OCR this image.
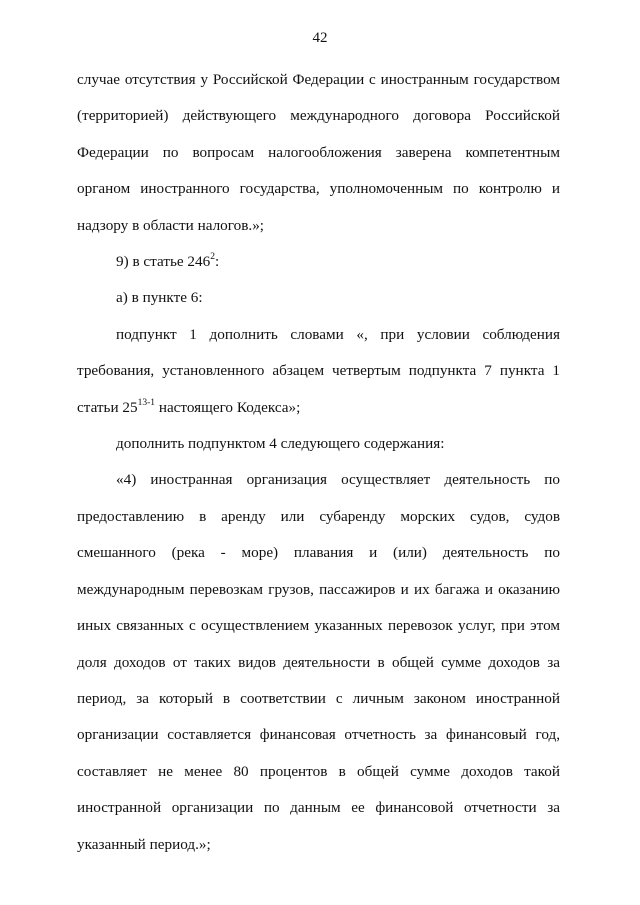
42

случае отсутствия у Российской Федерации с иностранным государством (территорией) действующего международного договора Российской Федерации по вопросам налогообложения заверена компетентным органом иностранного государства, уполномоченным по контролю и надзору в области налогов.»;

9) в статье $246^2$:

а) в пункте 6:

подпункт 1 дополнить словами «, при условии соблюдения требования, установленного абзацем четвертым подпункта 7 пункта 1 статьи 25$^{13-1}$ настоящего Кодекса»;

дополнить подпунктом 4 следующего содержания:

«4) иностранная организация осуществляет деятельность по предоставлению в аренду или субаренду морских судов, судов смешанного (река - море) плавания и (или) деятельность по международным перевозкам грузов, пассажиров и их багажа и оказанию иных связанных с осуществлением указанных перевозок услуг, при этом доля доходов от таких видов деятельности в общей сумме доходов за период, за который в соответствии с личным законом иностранной организации составляется финансовая отчетность за финансовый год, составляет не менее 80 процентов в общей сумме доходов такой иностранной организации по данным ее финансовой отчетности за указанный период.»;
